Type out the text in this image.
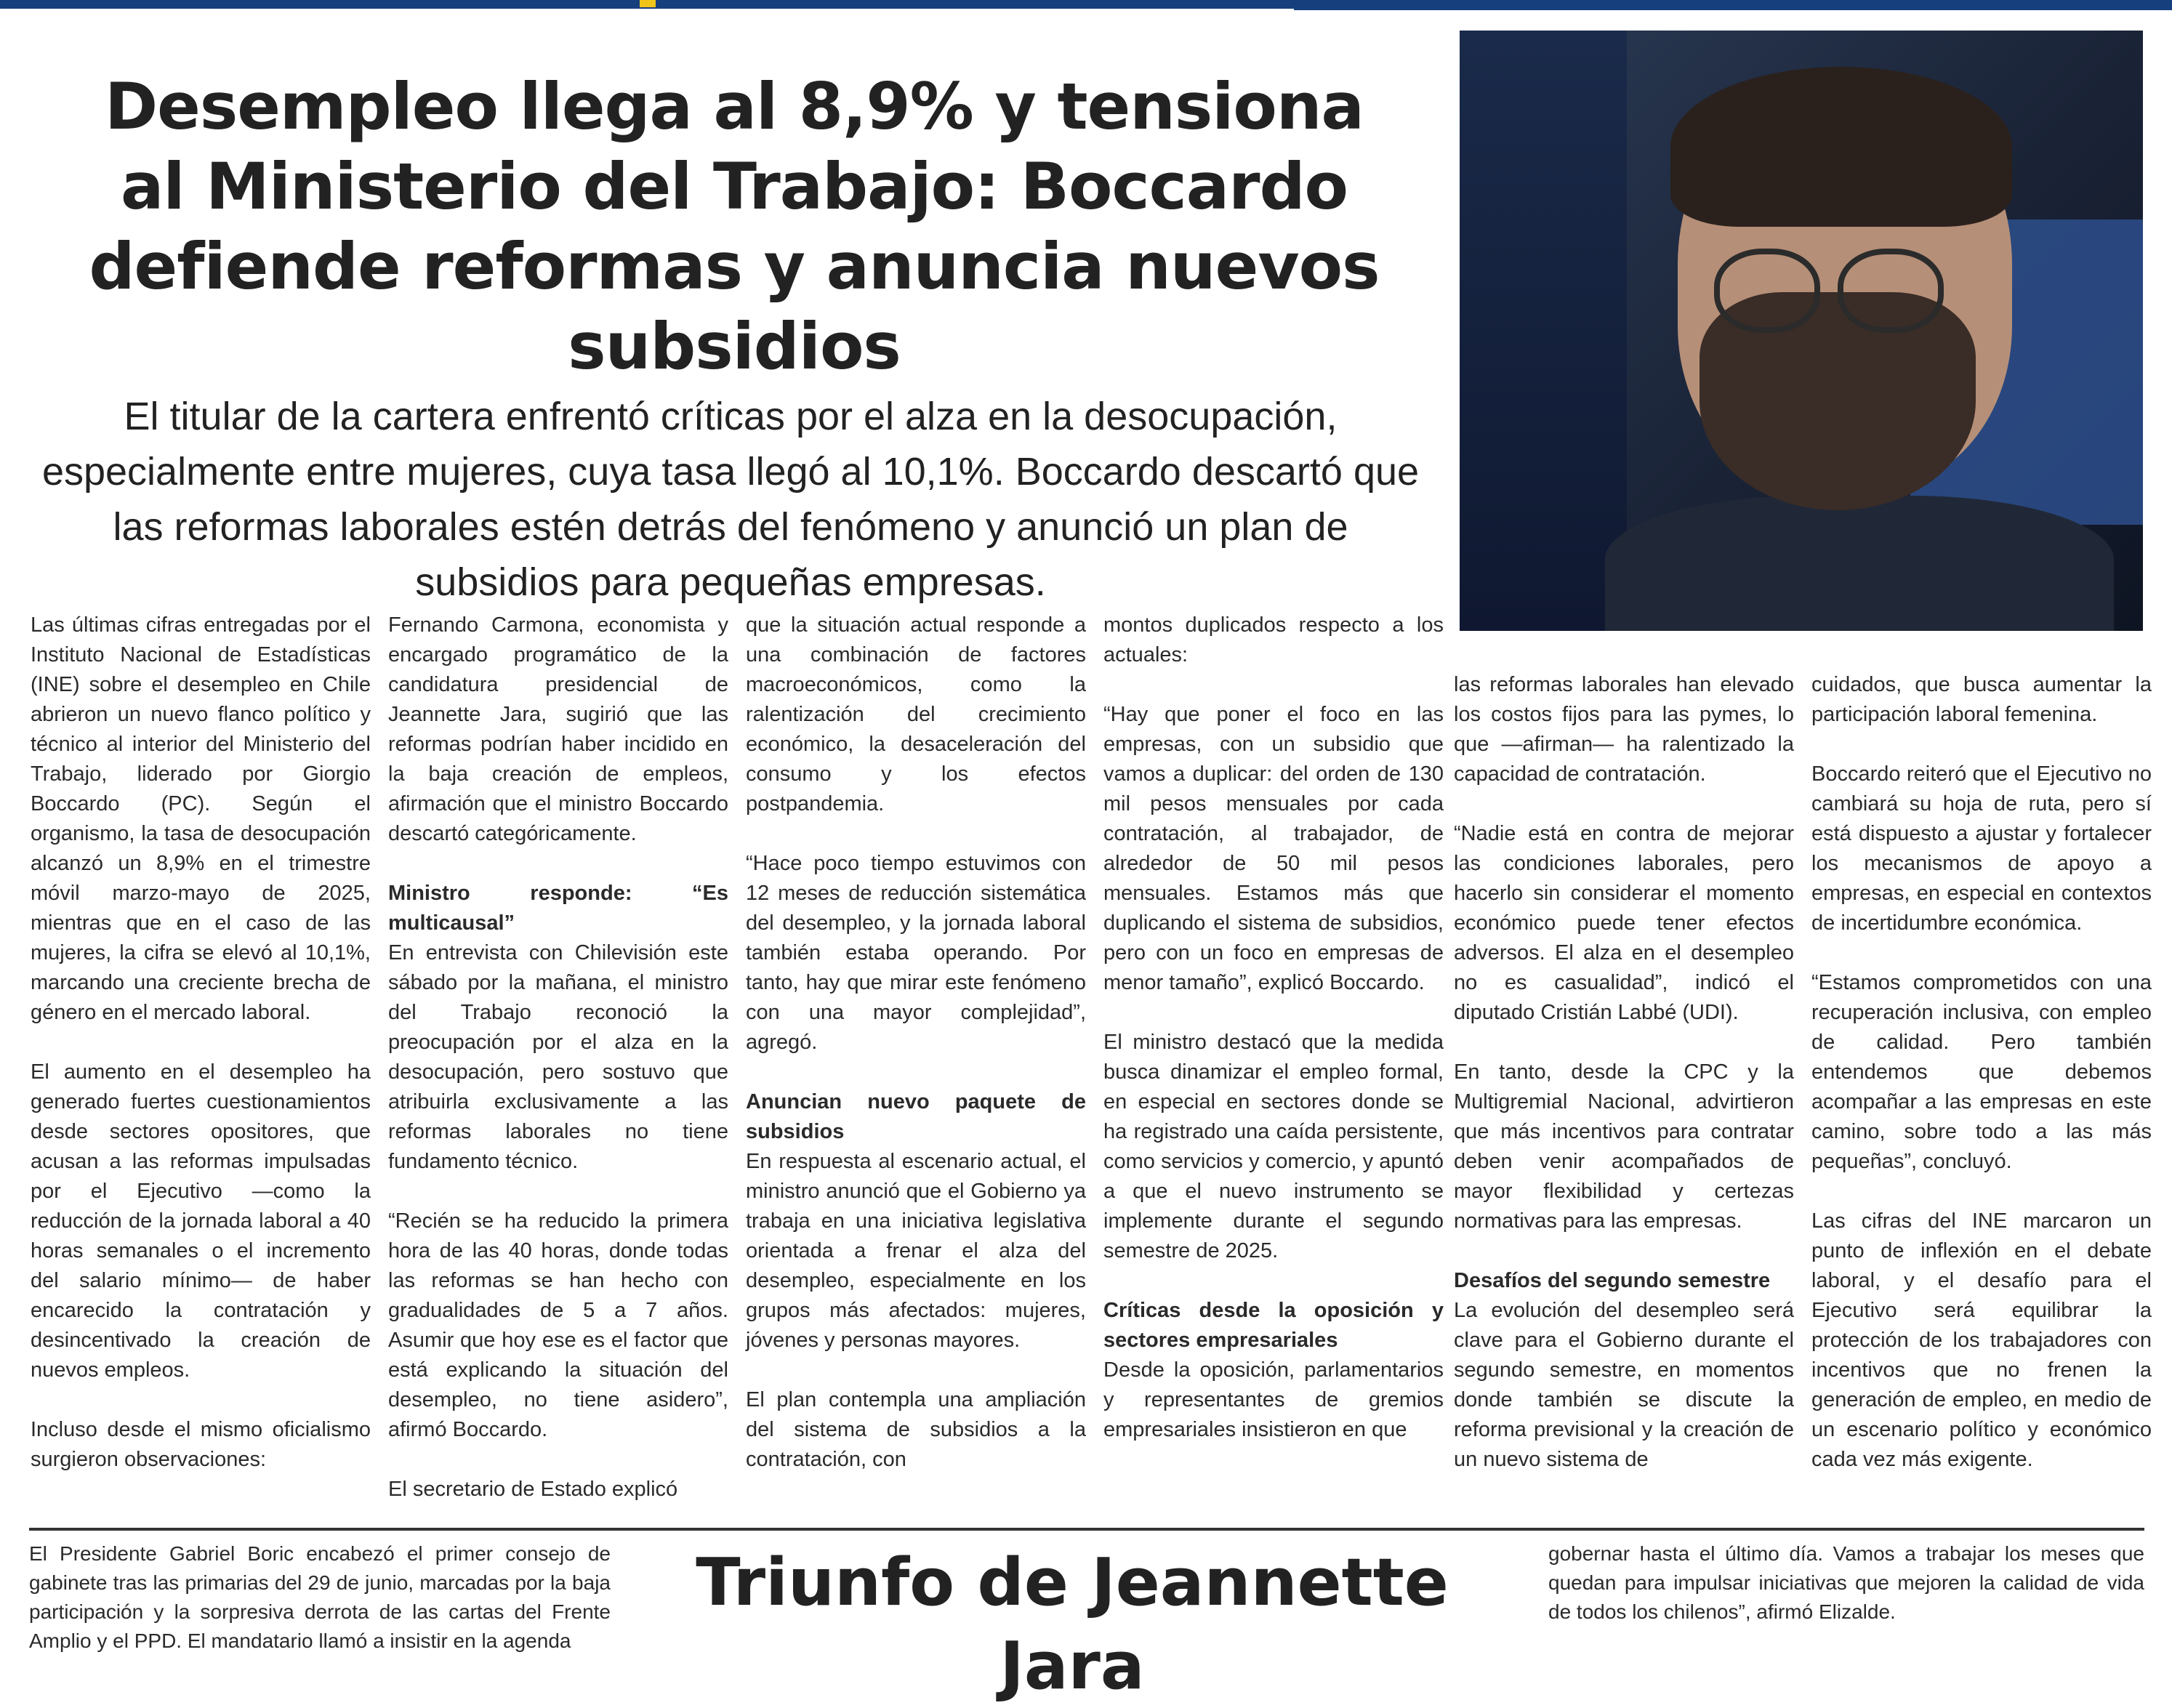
Desempleo llega al 8,9% y tensiona al Ministerio del Trabajo: Boccardo defiende reformas y anuncia nuevos subsidios

El titular de la cartera enfrentó críticas por el alza en la desocupación, especialmente entre mujeres, cuya tasa llegó al 10,1%. Boccardo descartó que las reformas laborales estén detrás del fenómeno y anunció un plan de subsidios para pequeñas empresas.

Las últimas cifras entregadas por el Instituto Nacional de Estadísticas (INE) sobre el desempleo en Chile abrieron un nuevo flanco político y técnico al interior del Ministerio del Trabajo, liderado por Giorgio Boccardo (PC). Según el organismo, la tasa de desocupación alcanzó un 8,9% en el trimestre móvil marzo-mayo de 2025, mientras que en el caso de las mujeres, la cifra se elevó al 10,1%, marcando una creciente brecha de género en el mercado laboral.

El aumento en el desempleo ha generado fuertes cuestionamientos desde sectores opositores, que acusan a las reformas impulsadas por el Ejecutivo —como la reducción de la jornada laboral a 40 horas semanales o el incremento del salario mínimo— de haber encarecido la contratación y desincentivado la creación de nuevos empleos.

Incluso desde el mismo oficialismo surgieron observaciones:

Fernando Carmona, economista y encargado programático de la candidatura presidencial de Jeannette Jara, sugirió que las reformas podrían haber incidido en la baja creación de empleos, afirmación que el ministro Boccardo descartó categóricamente.

Ministro responde: “Es multicausal”

En entrevista con Chilevisión este sábado por la mañana, el ministro del Trabajo reconoció la preocupación por el alza en la desocupación, pero sostuvo que atribuirla exclusivamente a las reformas laborales no tiene fundamento técnico.

“Recién se ha reducido la primera hora de las 40 horas, donde todas las reformas se han hecho con gradualidades de 5 a 7 años. Asumir que hoy ese es el factor que está explicando la situación del desempleo, no tiene asidero”, afirmó Boccardo.

El secretario de Estado explicó

que la situación actual responde a una combinación de factores macroeconómicos, como la ralentización del crecimiento económico, la desaceleración del consumo y los efectos postpandemia.

“Hace poco tiempo estuvimos con 12 meses de reducción sistemática del desempleo, y la jornada laboral también estaba operando. Por tanto, hay que mirar este fenómeno con una mayor complejidad”, agregó.

Anuncian nuevo paquete de subsidios

En respuesta al escenario actual, el ministro anunció que el Gobierno ya trabaja en una iniciativa legislativa orientada a frenar el alza del desempleo, especialmente en los grupos más afectados: mujeres, jóvenes y personas mayores.

El plan contempla una ampliación del sistema de subsidios a la contratación, con

montos duplicados respecto a los actuales:

“Hay que poner el foco en las empresas, con un subsidio que vamos a duplicar: del orden de 130 mil pesos mensuales por cada contratación, al trabajador, de alrededor de 50 mil pesos mensuales. Estamos más que duplicando el sistema de subsidios, pero con un foco en empresas de menor tamaño”, explicó Boccardo.

El ministro destacó que la medida busca dinamizar el empleo formal, en especial en sectores donde se ha registrado una caída persistente, como servicios y comercio, y apuntó a que el nuevo instrumento se implemente durante el segundo semestre de 2025.

Críticas desde la oposición y sectores empresariales

Desde la oposición, parlamentarios y representantes de gremios empresariales insistieron en que

las reformas laborales han elevado los costos fijos para las pymes, lo que —afirman— ha ralentizado la capacidad de contratación.

“Nadie está en contra de mejorar las condiciones laborales, pero hacerlo sin considerar el momento económico puede tener efectos adversos. El alza en el desempleo no es casualidad”, indicó el diputado Cristián Labbé (UDI).

En tanto, desde la CPC y la Multigremial Nacional, advirtieron que más incentivos para contratar deben venir acompañados de mayor flexibilidad y certezas normativas para las empresas.

Desafíos del segundo semestre

La evolución del desempleo será clave para el Gobierno durante el segundo semestre, en momentos donde también se discute la reforma previsional y la creación de un nuevo sistema de

cuidados, que busca aumentar la participación laboral femenina.

Boccardo reiteró que el Ejecutivo no cambiará su hoja de ruta, pero sí está dispuesto a ajustar y fortalecer los mecanismos de apoyo a empresas, en especial en contextos de incertidumbre económica.

“Estamos comprometidos con una recuperación inclusiva, con empleo de calidad. Pero también entendemos que debemos acompañar a las empresas en este camino, sobre todo a las más pequeñas”, concluyó.

Las cifras del INE marcaron un punto de inflexión en el debate laboral, y el desafío para el Ejecutivo será equilibrar la protección de los trabajadores con incentivos que no frenen la generación de empleo, en medio de un escenario político y económico cada vez más exigente.

El Presidente Gabriel Boric encabezó el primer consejo de gabinete tras las primarias del 29 de junio, marcadas por la baja participación y la sorpresiva derrota de las cartas del Frente Amplio y el PPD. El mandatario llamó a insistir en la agenda
Triunfo de Jeannette Jara
gobernar hasta el último día. Vamos a trabajar los meses que quedan para impulsar iniciativas que mejoren la calidad de vida de todos los chilenos”, afirmó Elizalde.
